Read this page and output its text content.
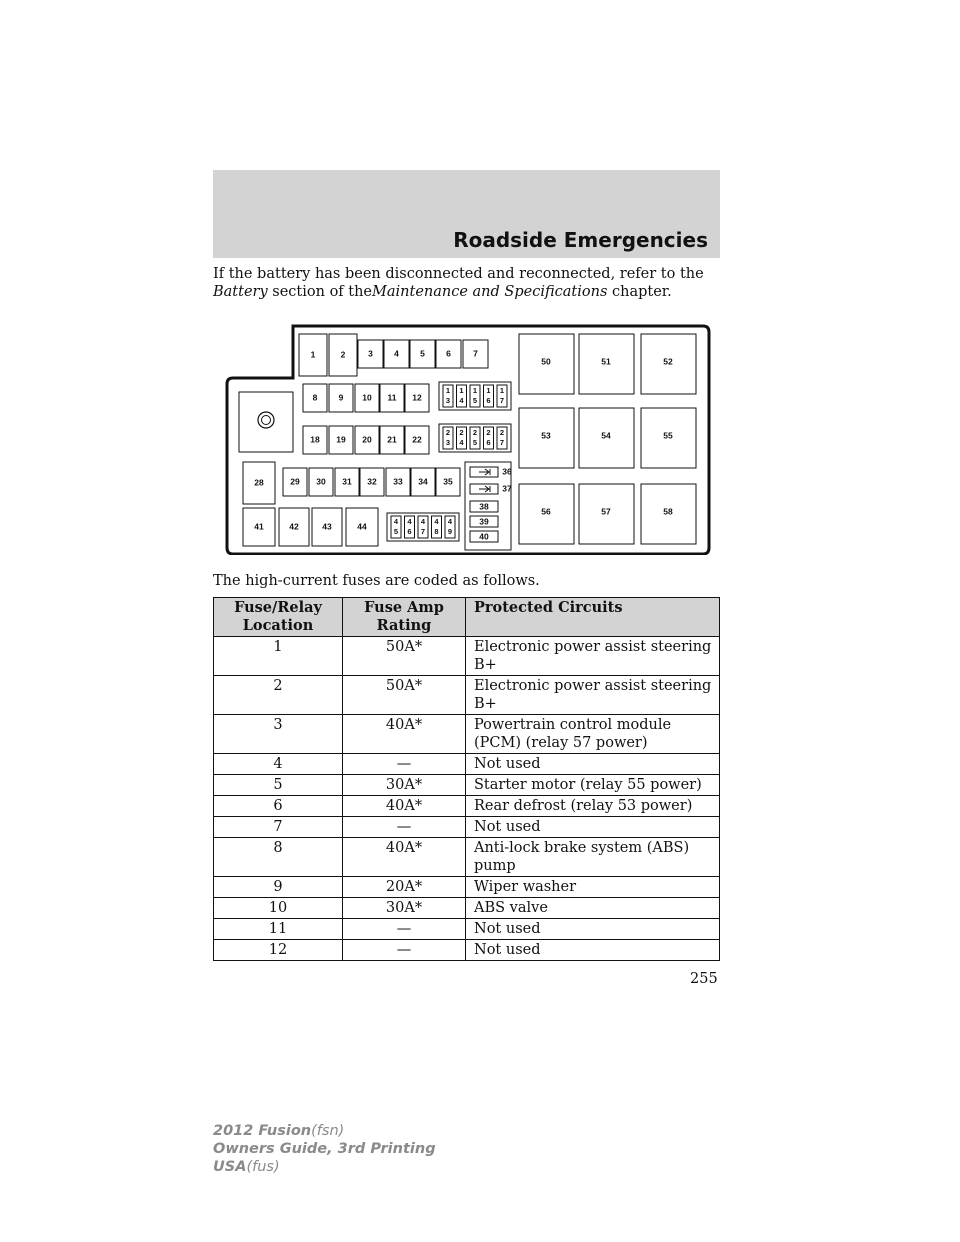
Roadside Emergencies
If the battery has been disconnected and reconnected, refer to the
Battery section of theMaintenance and Specifications chapter.
1	2	3	4	5	6	7
8	9 10 11 12
1
3
1
4
1
5
1
6
1
7
18 19 20 21 22
2
3
2
4
2
5
2
6
2
7
28	29 30 31 32 33 34 35
36
37
38
39
40
41	42	43	44	4
5
4
6
4
7
4
8
4
9
50	51	52
53	54	55
56	57	58
The high-current fuses are coded as follows.
Fuse/Relay Location	Fuse Amp Rating	Protected Circuits
1	50A*	Electronic power assist steering B+
2	50A*	Electronic power assist steering B+
3	40A*	Powertrain control module (PCM) (relay 57 power)
4	—	Not used
5	30A*	Starter motor (relay 55 power)
6	40A*	Rear defrost (relay 53 power)
7	—	Not used
8	40A*	Anti-lock brake system (ABS) pump
9	20A*	Wiper washer
10	30A*	ABS valve
11	—	Not used
12	—	Not used
255
2012 Fusion(fsn)
Owners Guide, 3rd Printing
USA(fus)
